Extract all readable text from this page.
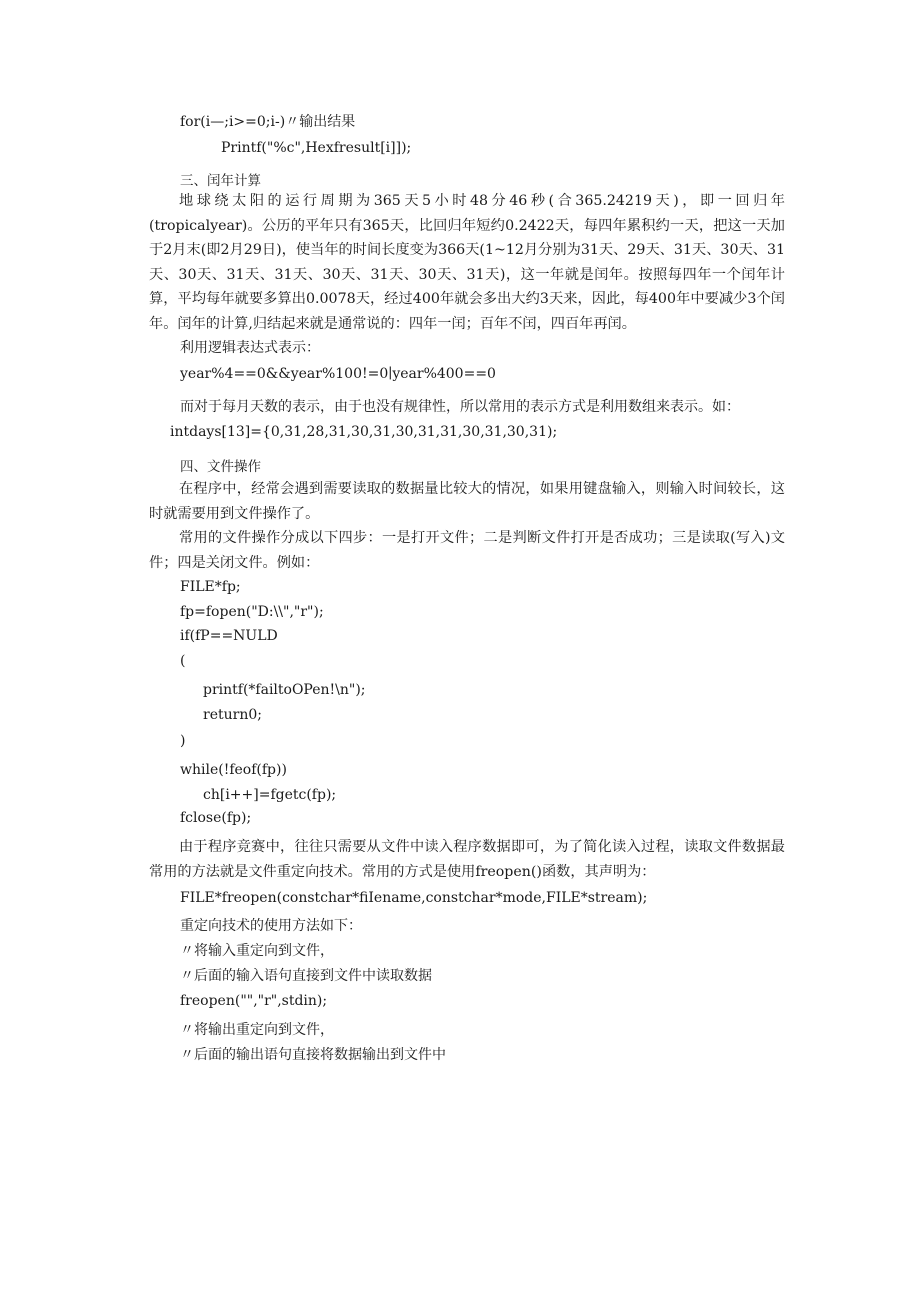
for(i—;i>=0;i-)〃输出结果
Printf("%c",Hexfresult[i]]);
三、闰年计算
地球绕太阳的运行周期为365天5小时48分46秒(合365.24219天)，即一回归年(tropicalyear)。公历的平年只有365天，比回归年短约0.2422天，每四年累积约一天，把这一天加于2月末(即2月29日)，使当年的时间长度变为366天(1~12月分别为31天、29天、31天、30天、31天、30天、31天、31天、30天、31天、30天、31天)，这一年就是闰年。按照每四年一个闰年计算，平均每年就要多算出0.0078天，经过400年就会多出大约3天来，因此，每400年中要减少3个闰年。闰年的计算,归结起来就是通常说的：四年一闰；百年不闰，四百年再闰。
利用逻辑表达式表示：
year%4==0&&year%100!=0∣year%400==0
而对于每月天数的表示，由于也没有规律性，所以常用的表示方式是利用数组来表示。如：
intdays[13]={0,31,28,31,30,31,30,31,31,30,31,30,31);
四、文件操作
在程序中，经常会遇到需要读取的数据量比较大的情况，如果用键盘输入，则输入时间较长，这时就需要用到文件操作了。
常用的文件操作分成以下四步：一是打开文件；二是判断文件打开是否成功；三是读取(写入)文件；四是关闭文件。例如：
FILE*fp;
fp=fopen("D:\\","r");
if(fP==NULD
(
printf(*failtoOPen!\n");
return0;
)
while(!feof(fp))
ch[i++]=fgetc(fp);
fclose(fp);
由于程序竞赛中，往往只需要从文件中读入程序数据即可，为了简化读入过程，读取文件数据最常用的方法就是文件重定向技术。常用的方式是使用freopen()函数，其声明为：
FILE*freopen(constchar*fiIename,constchar*mode,FILE*stream);
重定向技术的使用方法如下：
〃将输入重定向到文件，
〃后面的输入语句直接到文件中读取数据
freopen("","r",stdin);
〃将输出重定向到文件，
〃后面的输出语句直接将数据输出到文件中
